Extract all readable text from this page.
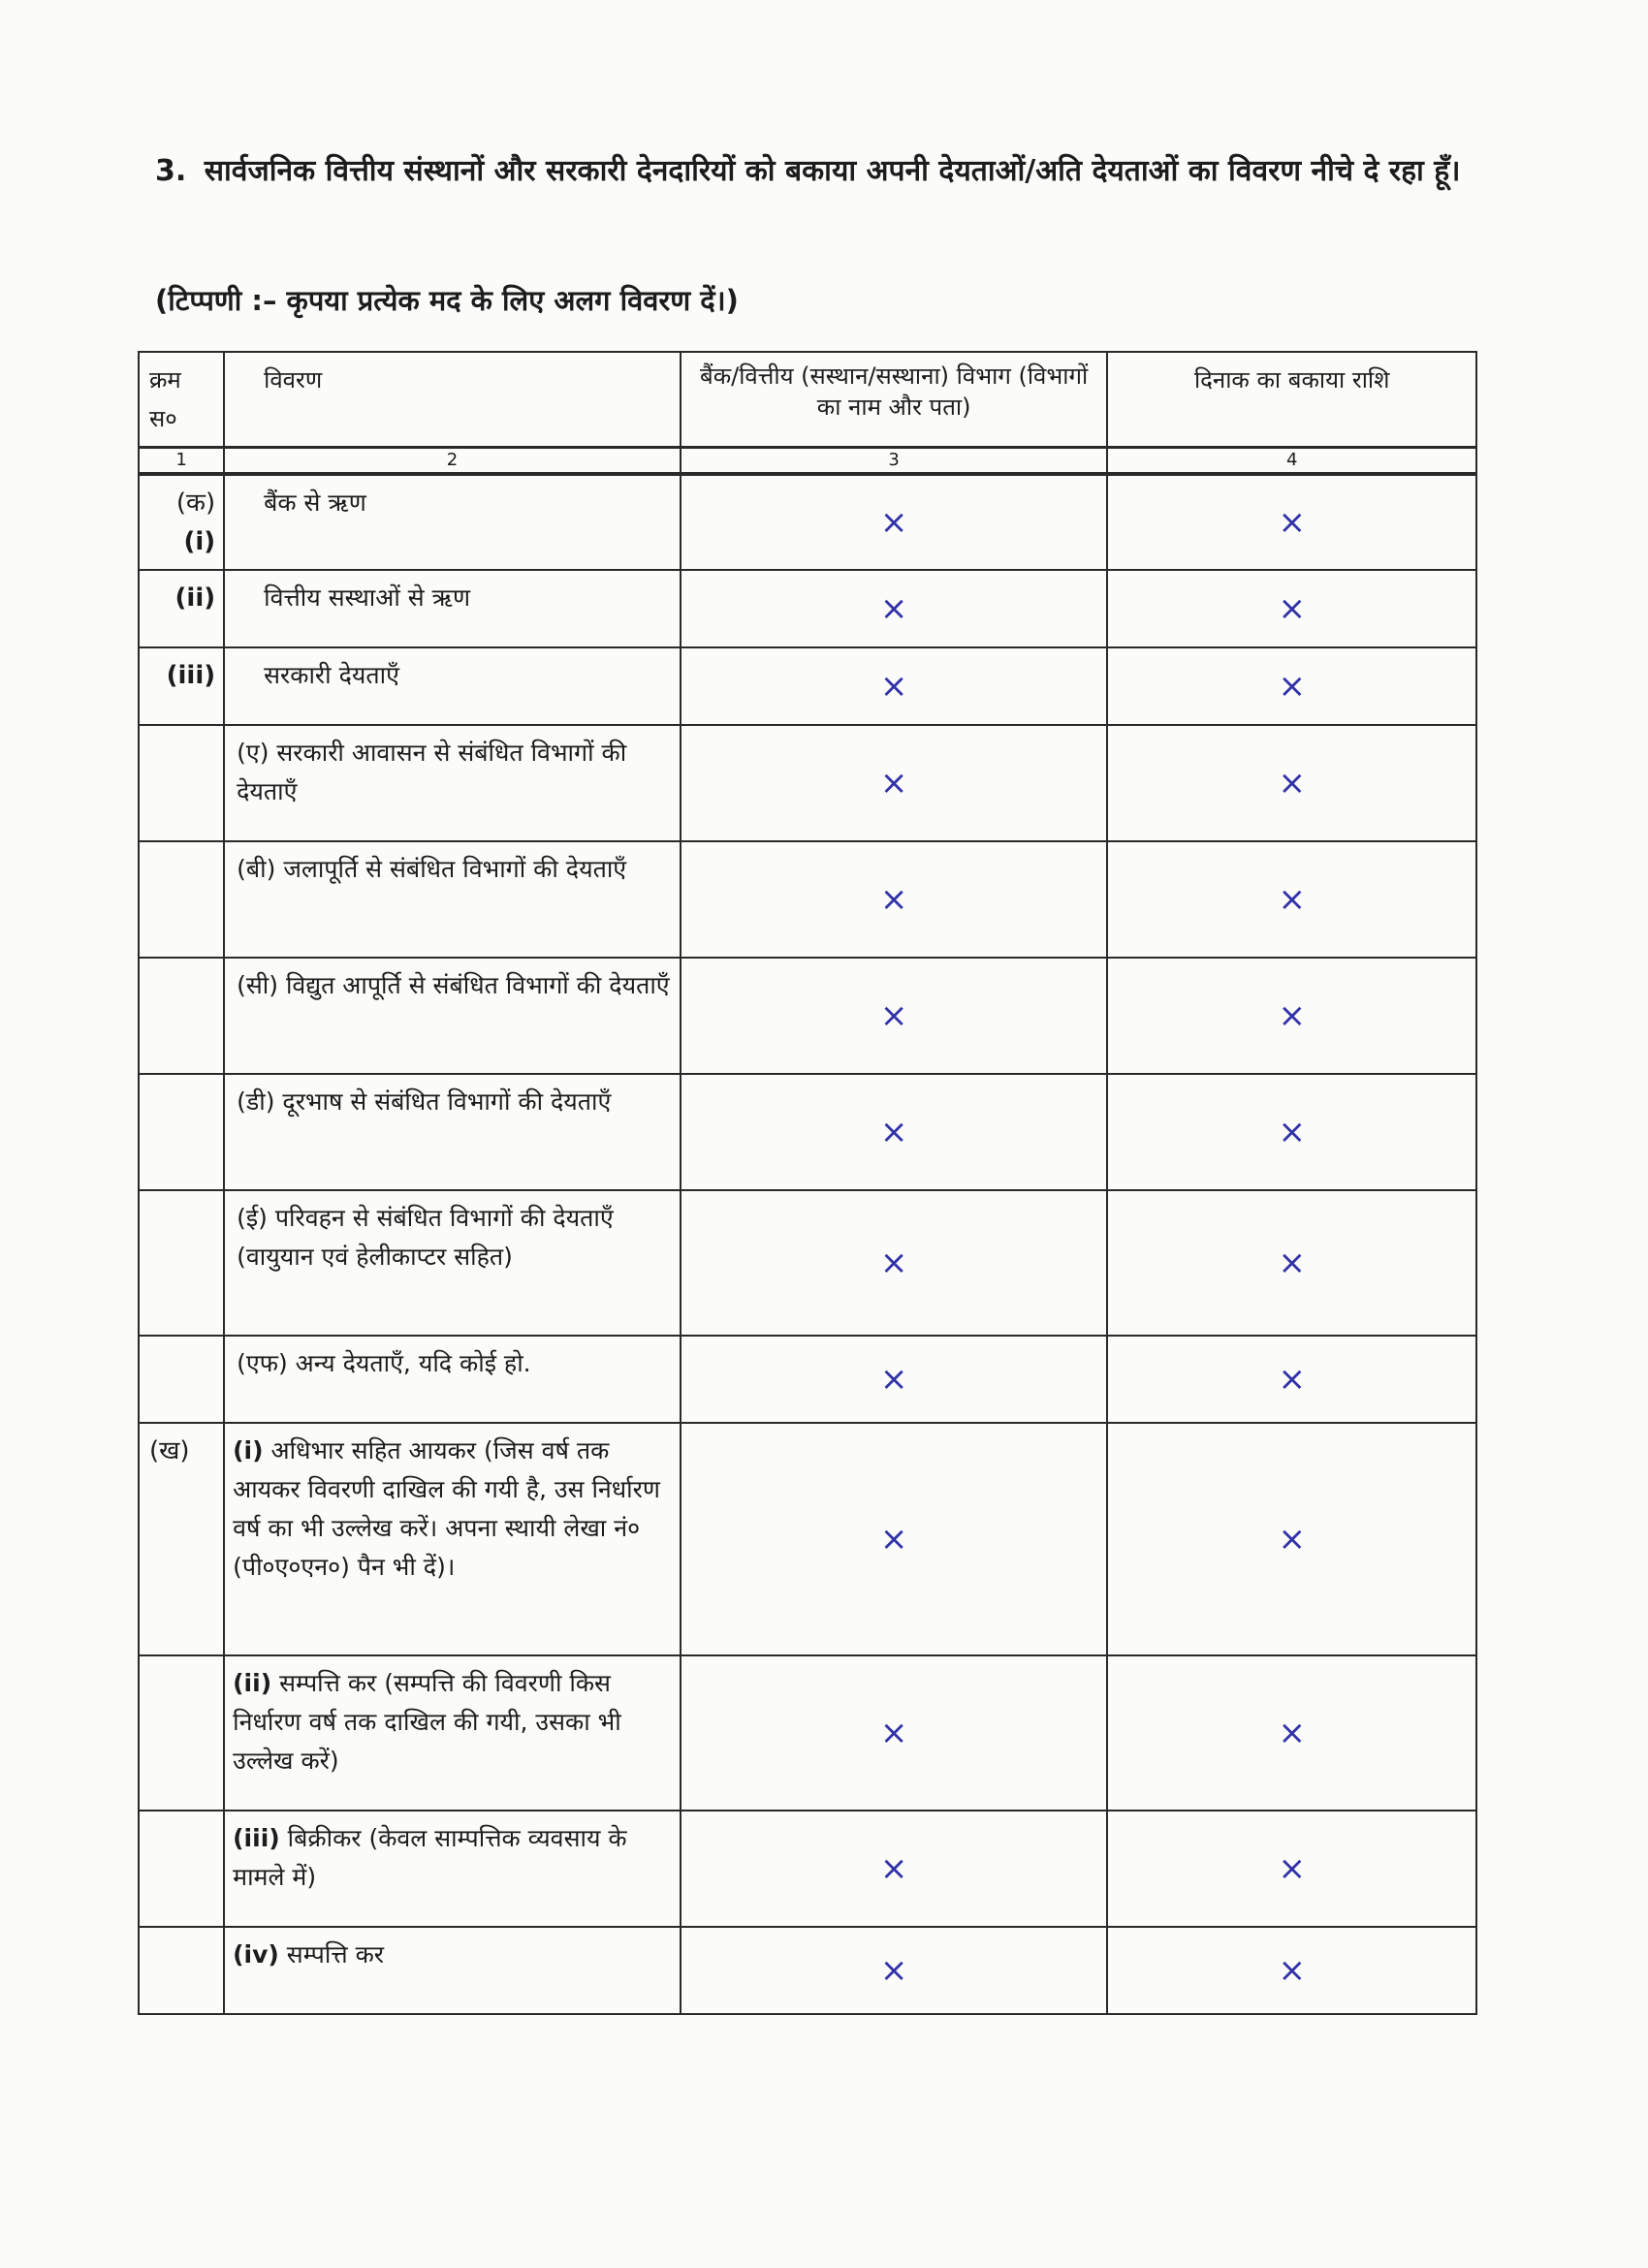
3. सार्वजनिक वित्तीय संस्थानों और सरकारी देनदारियों को बकाया अपनी देयताओं/अति देयताओं का विवरण नीचे दे रहा हूँ।
(टिप्पणी :– कृपया प्रत्येक मद के लिए अलग विवरण दें।)
क्रम स०	विवरण	बैंक/वित्तीय (सस्थान/सस्थाना) विभाग (विभागों का नाम और पता)	दिनाक का बकाया राशि
1	2	3	4
(क) (i)	बैंक से ऋण	×	×
(ii)	वित्तीय सस्थाओं से ऋण	×	×
(iii)	सरकारी देयताएँ	×	×
	(ए) सरकारी आवासन से संबंधित विभागों की देयताएँ	×	×
	(बी) जलापूर्ति से संबंधित विभागों की देयताएँ	×	×
	(सी) विद्युत आपूर्ति से संबंधित विभागों की देयताएँ	×	×
	(डी) दूरभाष से संबंधित विभागों की देयताएँ	×	×
	(ई) परिवहन से संबंधित विभागों की देयताएँ (वायुयान एवं हेलीकाप्टर सहित)	×	×
	(एफ) अन्य देयताएँ, यदि कोई हो.	×	×
(ख)	(i) अधिभार सहित आयकर (जिस वर्ष तक आयकर विवरणी दाखिल की गयी है, उस निर्धारण वर्ष का भी उल्लेख करें। अपना स्थायी लेखा नं० (पी०ए०एन०) पैन भी दें)।	×	×
	(ii) सम्पत्ति कर (सम्पत्ति की विवरणी किस निर्धारण वर्ष तक दाखिल की गयी, उसका भी उल्लेख करें)	×	×
	(iii) बिक्रीकर (केवल साम्पत्तिक व्यवसाय के मामले में)	×	×
	(iv) सम्पत्ति कर	×	×
